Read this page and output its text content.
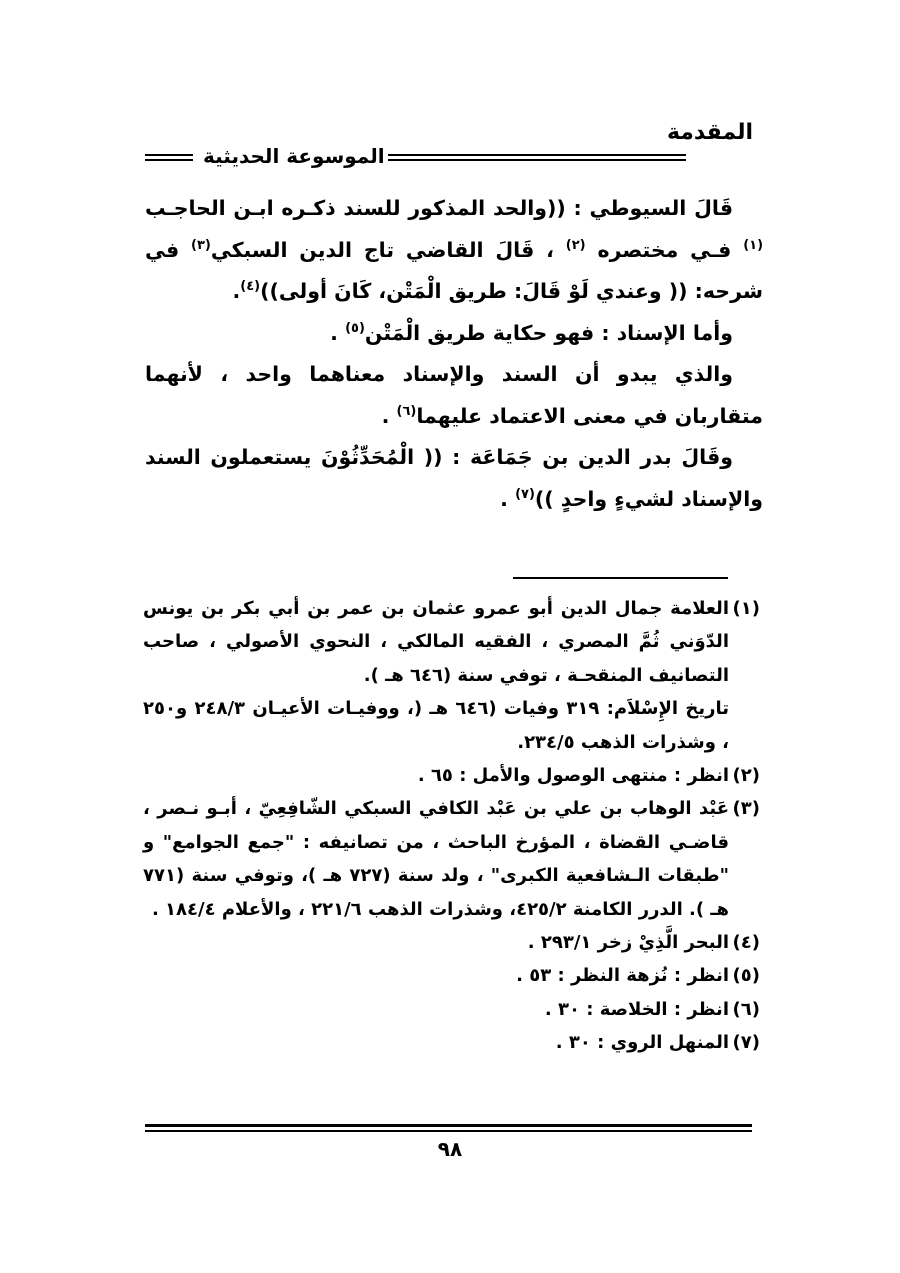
المقدمة
الموسوعة الحديثية

قَالَ السيوطي : ((والحد المذكور للسند ذكـره ابـن الحاجـب $^{(١)}$ فـي مختصره $^{(٢)}$ ، قَالَ القاضي تاج الدين السبكي$^{(٣)}$ في شرحه: (( وعندي لَوْ قَالَ: طريق الْمَتْن، كَانَ أولى))$^{(٤)}$.

وأما الإسناد : فهو حكاية طريق الْمَتْن$^{(٥)}$ .

والذي يبدو أن السند والإسناد معناهما واحد ، لأنهما متقاربان في معنى الاعتماد عليهما$^{(٦)}$ .

وقَالَ بدر الدين بن جَمَاعَة : (( الْمُحَدِّثُوْنَ يستعملون السند والإسناد لشيءٍ واحدٍ ))$^{(٧)}$ .

(١)
العلامة جمال الدين أبو عمرو عثمان بن عمر بن أبي بكر بن يونس الدّوَني ثُمَّ المصري ، الفقيه المالكي ، النحوي الأصولي ، صاحب التصانيف المنقحـة ، توفي سنة (٦٤٦ هـ ).
تاريخ الإِسْلاَم: ٣١٩ وفيات (٦٤٦ هـ (، ووفيـات الأعيـان ٢٤٨/٣ و٢٥٠ ، وشذرات الذهب ٢٣٤/٥.
(٢)
انظر : منتهى الوصول والأمل : ٦٥ .
(٣)
عَبْد الوهاب بن علي بن عَبْد الكافي السبكي الشّافِعِيّ ، أبـو نـصر ، قاضـي القضاة ، المؤرخ الباحث ، من تصانيفه : "جمع الجوامع" و "طبقات الـشافعية الكبرى" ، ولد سنة (٧٢٧ هـ )، وتوفي سنة (٧٧١ هـ ). الدرر الكامنة ٤٢٥/٢، وشذرات الذهب ٢٢١/٦ ، والأعلام ١٨٤/٤ .
(٤)
البحر الَّذِيْ زخر ٢٩٣/١ .
(٥)
انظر : نُزهة النظر : ٥٣ .
(٦)
انظر : الخلاصة : ٣٠ .
(٧)
المنهل الروي : ٣٠ .
٩٨
